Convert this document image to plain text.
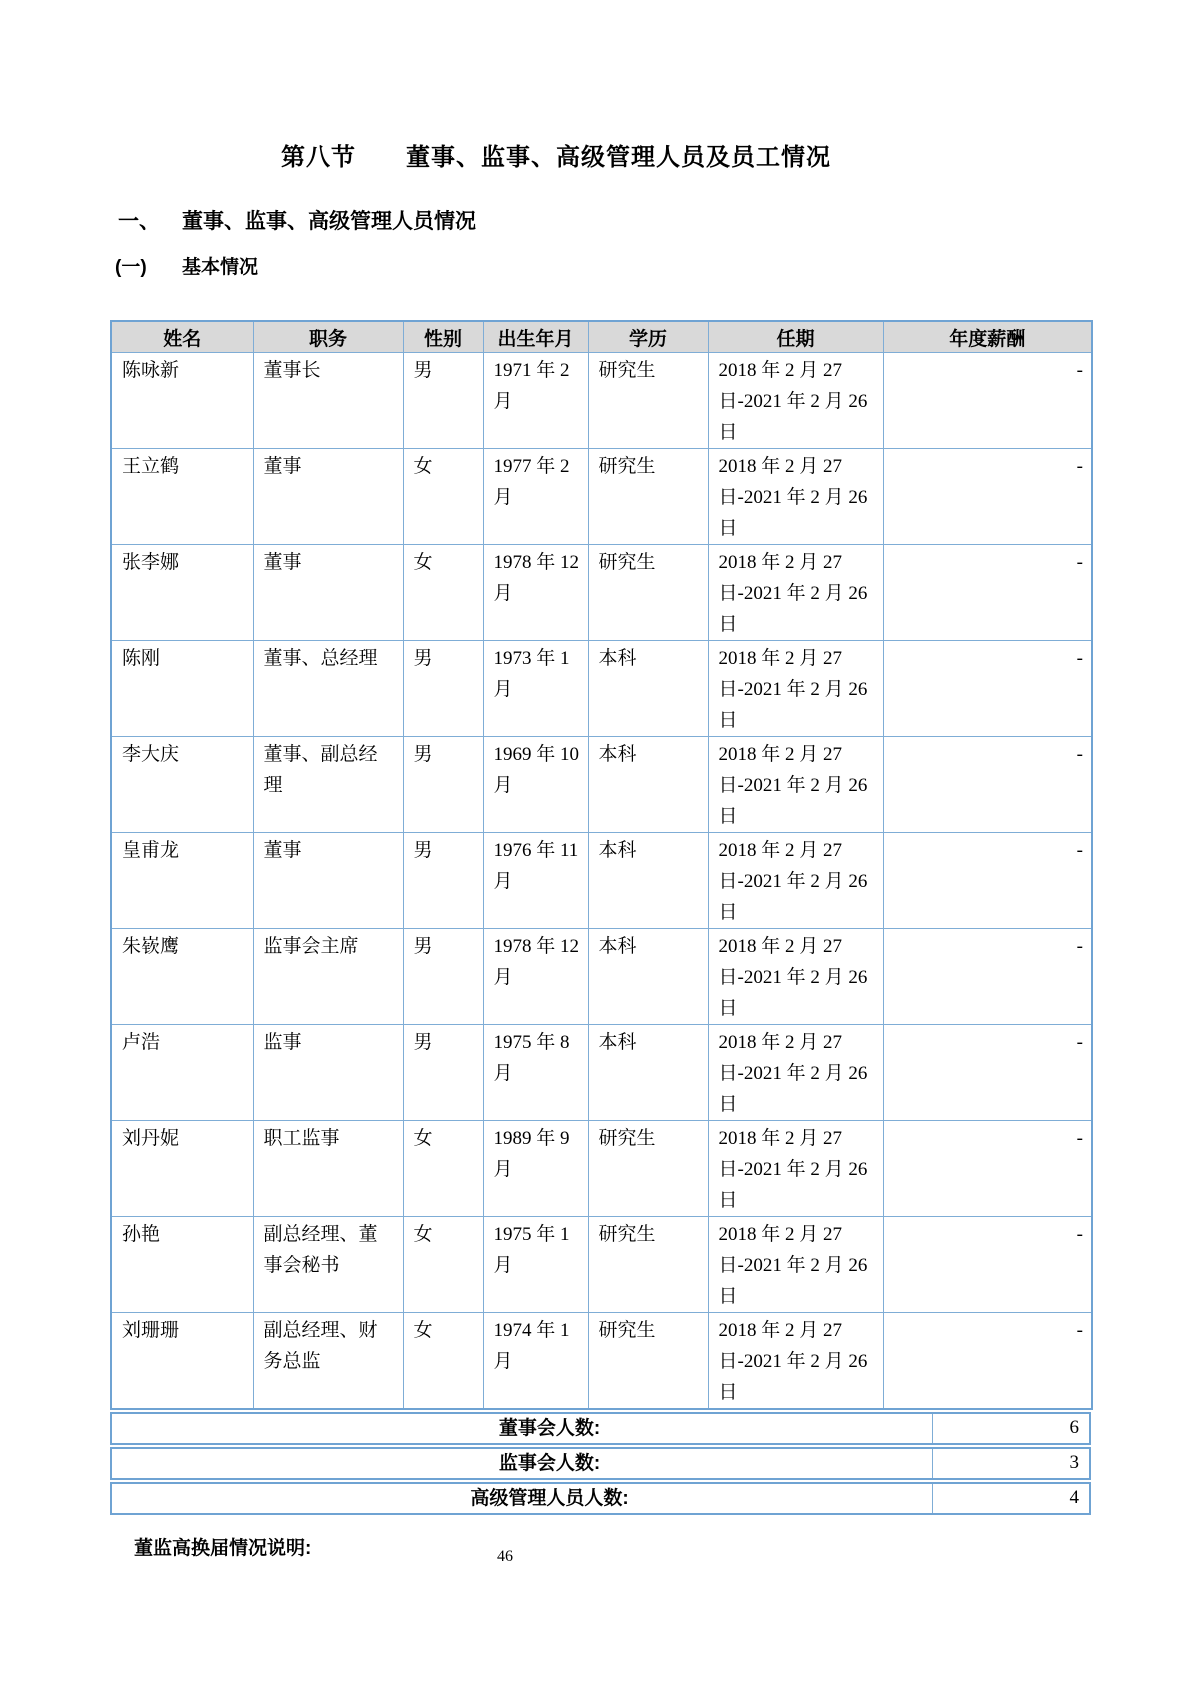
第八节　　董事、监事、高级管理人员及员工情况
一、	董事、监事、高级管理人员情况
(一)	基本情况
姓名	职务	性别	出生年月	学历	任期	年度薪酬
陈咏新	董事长	男	1971 年 2 月	研究生	2018 年 2 月 27 日-2021 年 2 月 26 日	-
王立鹤	董事	女	1977 年 2 月	研究生	2018 年 2 月 27 日-2021 年 2 月 26 日	-
张李娜	董事	女	1978 年 12 月	研究生	2018 年 2 月 27 日-2021 年 2 月 26 日	-
陈刚	董事、总经理	男	1973 年 1 月	本科	2018 年 2 月 27 日-2021 年 2 月 26 日	-
李大庆	董事、副总经理	男	1969 年 10 月	本科	2018 年 2 月 27 日-2021 年 2 月 26 日	-
皇甫龙	董事	男	1976 年 11 月	本科	2018 年 2 月 27 日-2021 年 2 月 26 日	-
朱嵚鹰	监事会主席	男	1978 年 12 月	本科	2018 年 2 月 27 日-2021 年 2 月 26 日	-
卢浩	监事	男	1975 年 8 月	本科	2018 年 2 月 27 日-2021 年 2 月 26 日	-
刘丹妮	职工监事	女	1989 年 9 月	研究生	2018 年 2 月 27 日-2021 年 2 月 26 日	-
孙艳	副总经理、董事会秘书	女	1975 年 1 月	研究生	2018 年 2 月 27 日-2021 年 2 月 26 日	-
刘珊珊	副总经理、财务总监	女	1974 年 1 月	研究生	2018 年 2 月 27 日-2021 年 2 月 26 日	-
董事会人数:	6
监事会人数:	3
高级管理人员人数:	4
董监高换届情况说明:	46
